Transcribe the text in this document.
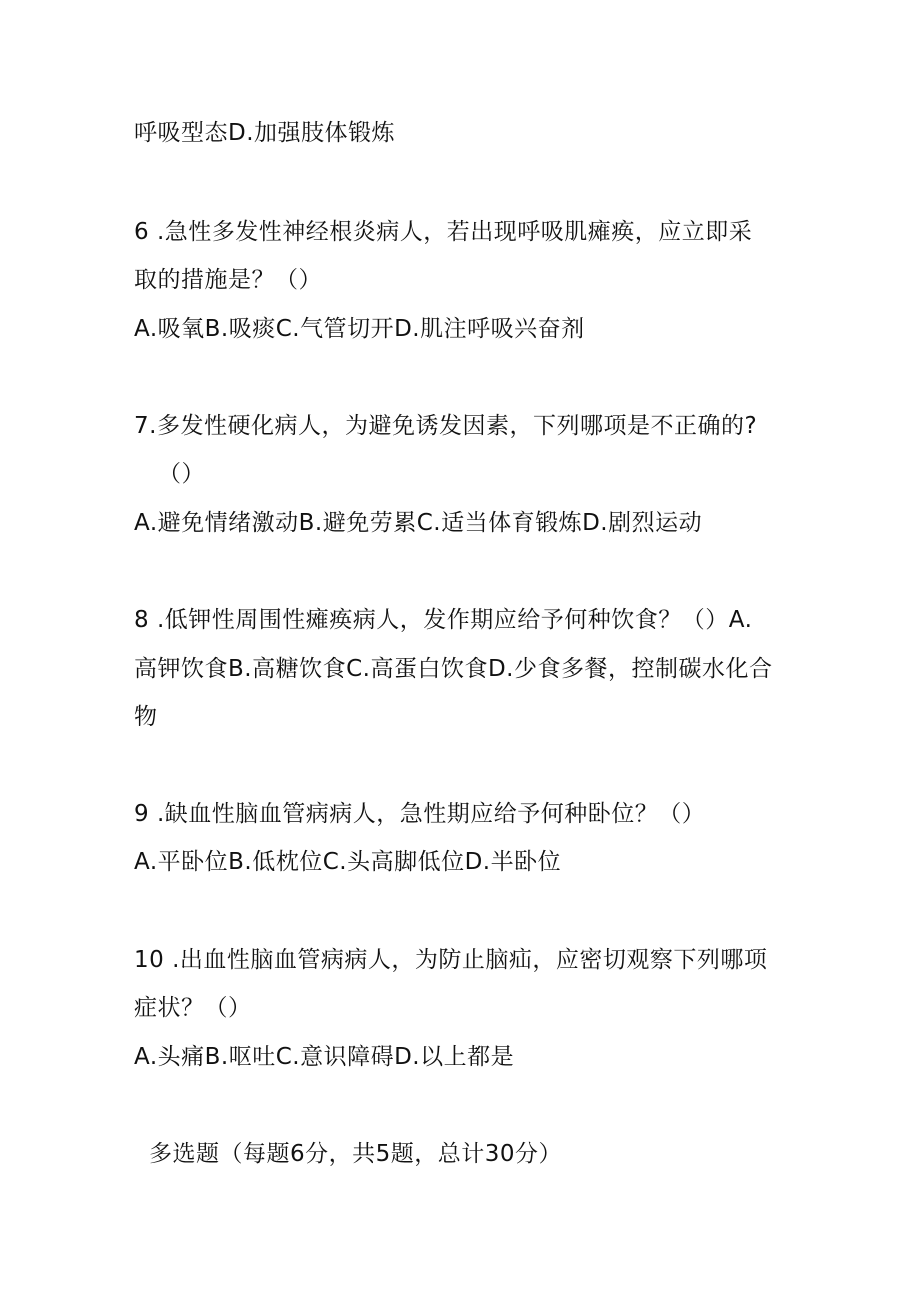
呼吸型态D.加强肢体锻炼
6 .急性多发性神经根炎病人，若出现呼吸肌瘫痪，应立即采
取的措施是？（）
A.吸氧B.吸痰C.气管切开D.肌注呼吸兴奋剂
7.多发性硬化病人，为避免诱发因素，下列哪项是不正确的?
（）
A.避免情绪激动B.避免劳累C.适当体育锻炼D.剧烈运动
8 .低钾性周围性瘫痪病人，发作期应给予何种饮食？（）A.
高钾饮食B.高糖饮食C.高蛋白饮食D.少食多餐，控制碳水化合
物
9 .缺血性脑血管病病人，急性期应给予何种卧位？（）
A.平卧位B.低枕位C.头高脚低位D.半卧位
10 .出血性脑血管病病人，为防止脑疝，应密切观察下列哪项
症状？（）
A.头痛B.呕吐C.意识障碍D.以上都是
多选题（每题6分，共5题，总计30分）
